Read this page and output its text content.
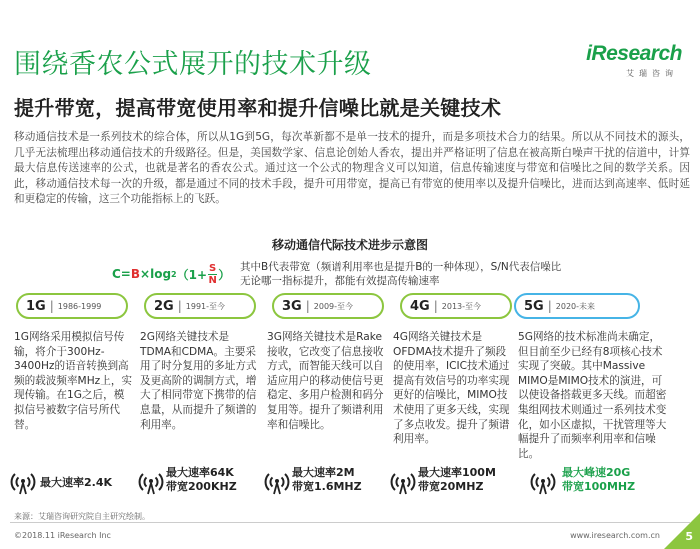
围绕香农公式展开的技术升级
提升带宽，提高带宽使用率和提升信噪比就是关键技术
iResearch
艾瑞咨询
移动通信技术是一系列技术的综合体，所以从1G到5G，每次革新都不是单一技术的提升，而是多项技术合力的结果。所以从不同技术的源头，几乎无法梳理出移动通信技术的升级路径。但是，美国数学家、信息论创始人香农，提出并严格证明了信息在被高斯白噪声干扰的信道中，计算最大信息传送速率的公式，也就是著名的香农公式。通过这一个公式的物理含义可以知道，信息传输速度与带宽和信噪比之间的数学关系。因此，移动通信技术每一次的升级，都是通过不同的技术手段，提升可用带宽，提高已有带宽的使用率以及提升信噪比，进而达到高速率、低时延和更稳定的传输，这三个功能指标上的飞跃。
移动通信代际技术进步示意图
C= B ×log 2 （$1+ \frac{S}{N}$ ）
其中B代表带宽（频谱利用率也是提升B的一种体现），S/N代表信噪比
无论哪一指标提升，都能有效提高传输速率
1G | 1986-1999	2G | 1991-至今	3G | 2009-至今	4G | 2013-至今	5G | 2020-未来
1G网络采用模拟信号传输，将介于300Hz-3400Hz的语音转换到高频的载波频率MHz上，实现传输。在1G之后，模拟信号被数字信号所代替。
2G网络关键技术是TDMA和CDMA。主要采用了时分复用的多址方式及更高阶的调制方式，增大了相同带宽下携带的信息量，从而提升了频谱的利用率。
3G网络关键技术是Rake接收，它改变了信息接收方式，而智能天线可以自适应用户的移动使信号更稳定、多用户检测和码分复用等。提升了频谱利用率和信噪比。
4G网络关键技术是OFDMA技术提升了频段的使用率，ICIC技术通过提高有效信号的功率实现更好的信噪比，MIMO技术使用了更多天线，实现了多点收发。提升了频谱利用率。
5G网络的技术标准尚未确定，但目前至少已经有8项核心技术实现了突破。其中Massive MIMO是MIMO技术的演进，可以使设备搭载更多天线。而超密集组网技术则通过一系列技术变化，如小区虚拟，干扰管理等大幅提升了而频率利用率和信噪比。
最大速率2.4K
最大速率64K
带宽200KHZ
最大速率2M
带宽1.6MHZ
最大速率100M
带宽20MHZ
最大峰速20G
带宽100MHZ
来源：艾瑞咨询研究院自主研究绘制。
©2018.11 iResearch Inc	www.iresearch.com.cn 5
